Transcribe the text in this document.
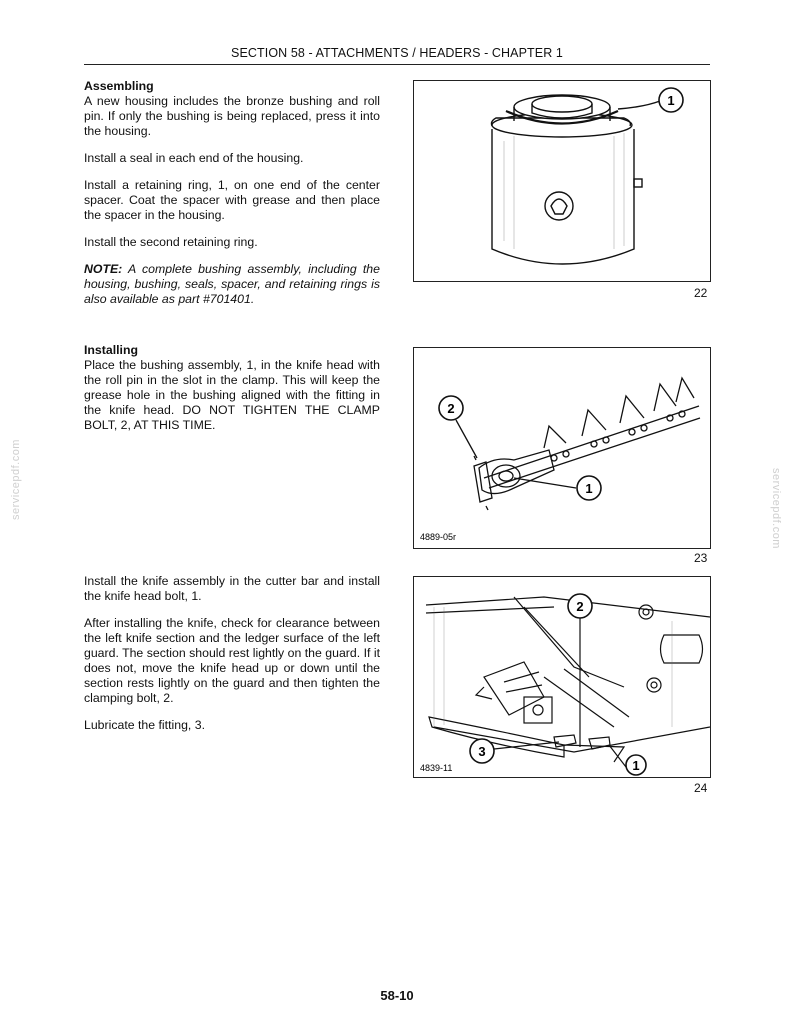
SECTION 58 - ATTACHMENTS / HEADERS - CHAPTER 1
Assembling

A new housing includes the bronze bushing and roll pin. If only the bushing is being replaced, press it into the housing.

Install a seal in each end of the housing.

Install a retaining ring, 1, on one end of the center spacer. Coat the spacer with grease and then place the spacer in the housing.

Install the second retaining ring.

NOTE: A complete bushing assembly, including the housing, bushing, seals, spacer, and retaining rings is also available as part #701401.

Installing

Place the bushing assembly, 1, in the knife head with the roll pin in the slot in the clamp. This will keep the grease hole in the bushing aligned with the fitting in the knife head. DO NOT TIGHTEN THE CLAMP BOLT, 2, AT THIS TIME.

Install the knife assembly in the cutter bar and install the knife head bolt, 1.

After installing the knife, check for clearance between the left knife section and the ledger surface of the left guard. The section should rest lightly on the guard. If it does not, move the knife head up or down until the section rests lightly on the guard and then tighten the clamping bolt, 2.

Lubricate the fitting, 3.

1
22
2
1
4889-05r
23
2
3
1
4839-11
24
servicepdf.com	servicepdf.com
58-10
